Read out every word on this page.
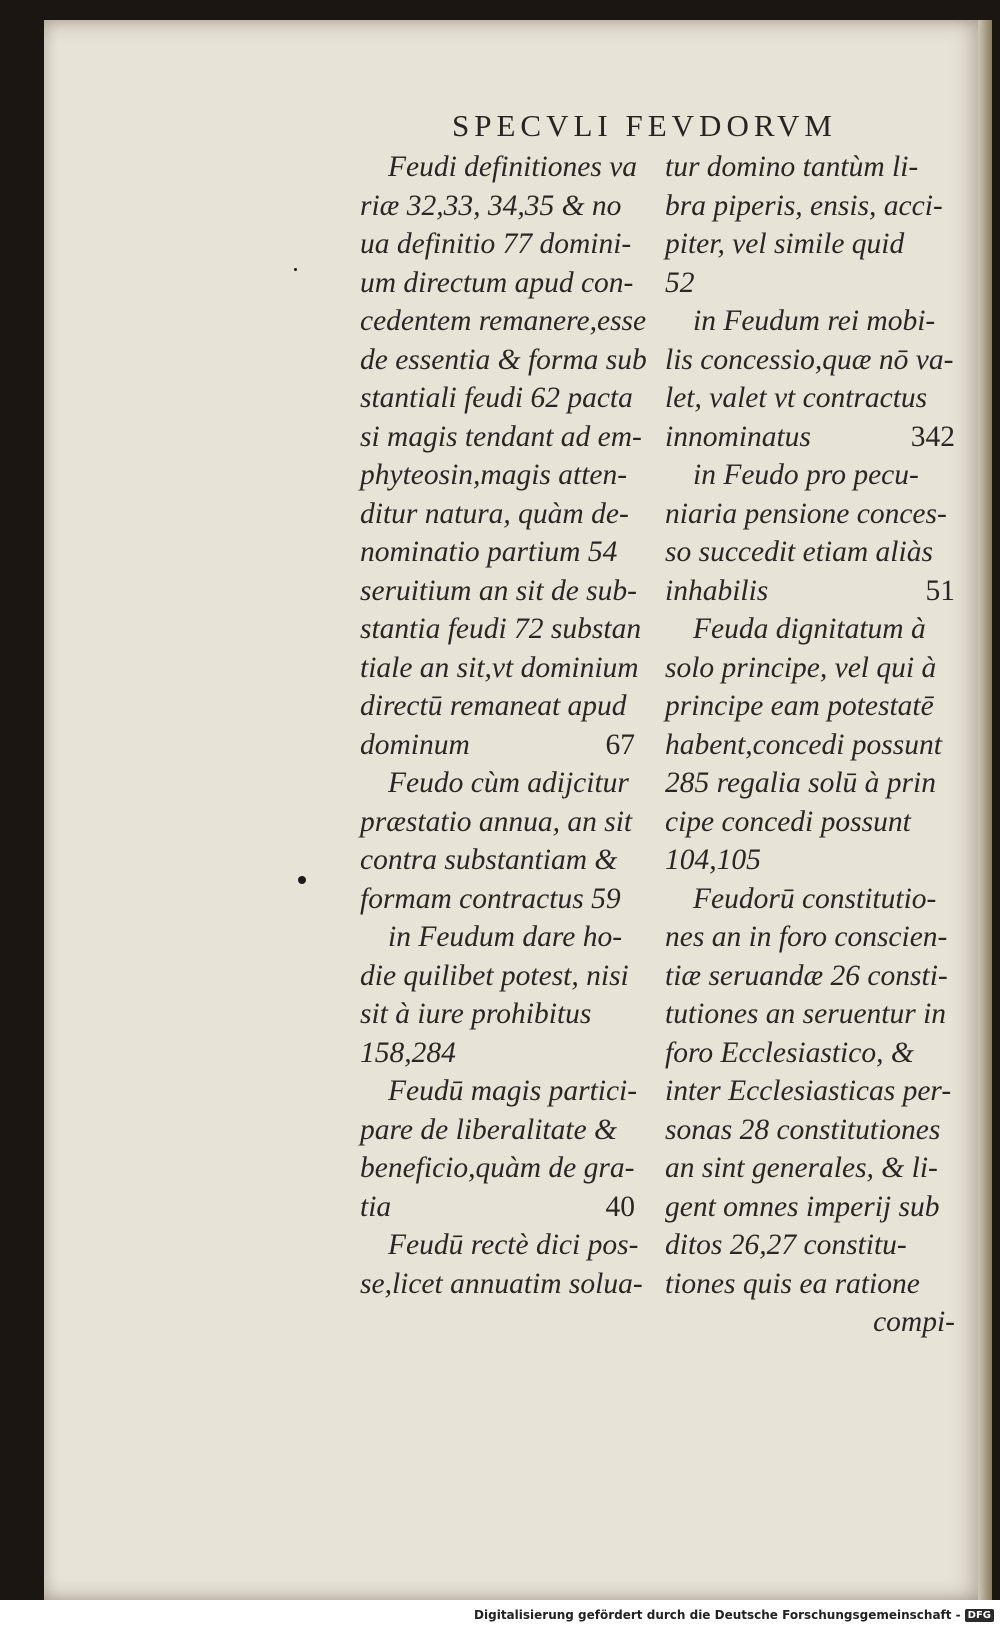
SPECVLI FEVDORVM
Feudi definitiones va
riæ 32,33, 34,35 & no
ua definitio 77 domini-
um directum apud con-
cedentem remanere,esse
de essentia & forma sub
stantiali feudi 62 pacta
si magis tendant ad em-
phyteosin,magis atten-
ditur natura, quàm de-
nominatio partium 54
seruitium an sit de sub-
stantia feudi 72 substan
tiale an sit,vt dominium
directū remaneat apud
67
dominum
Feudo cùm adijcitur
præstatio annua, an sit
contra substantiam &
formam contractus 59
in Feudum dare ho-
die quilibet potest, nisi
sit à iure prohibitus
158,284
Feudū magis partici-
pare de liberalitate &
beneficio,quàm de gra-
40
tia
Feudū rectè dici pos-
se,licet annuatim solua-
tur domino tantùm li-
bra piperis, ensis, acci-
piter, vel simile quid
52
in Feudum rei mobi-
lis concessio,quæ nō va-
let, valet vt contractus
342
innominatus
in Feudo pro pecu-
niaria pensione conces-
so succedit etiam aliàs
51
inhabilis
Feuda dignitatum à
solo principe, vel qui à
principe eam potestatē
habent,concedi possunt
285 regalia solū à prin
cipe concedi possunt
104,105
Feudorū constitutio-
nes an in foro conscien-
tiæ seruandæ 26 consti-
tutiones an seruentur in
foro Ecclesiastico, &
inter Ecclesiasticas per-
sonas 28 constitutiones
an sint generales, & li-
gent omnes imperij sub
ditos 26,27 constitu-
tiones quis ea ratione
compi-
Digitalisierung gefördert durch die Deutsche Forschungsgemeinschaft - DFG
